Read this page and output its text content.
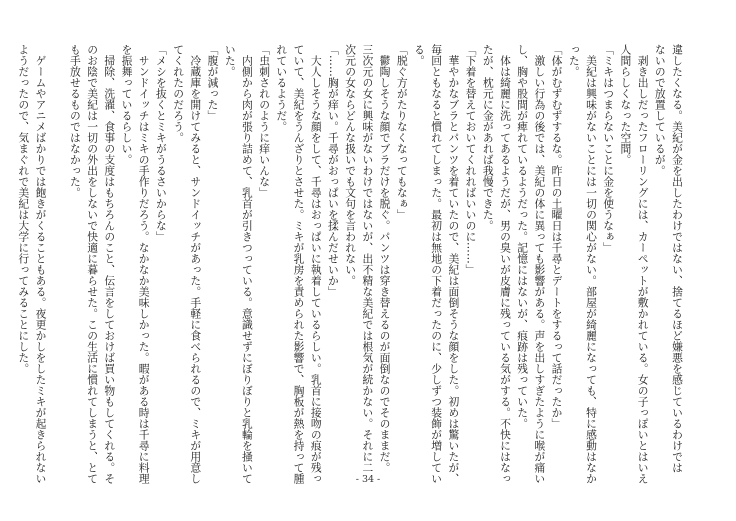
違したくなる。美紀が金を出したわけではない、捨てるほど嫌悪を感じているわけでは

ないので放置しているが。

　剥き出しだったフローリングには、カーペットが敷かれている。女の子っぽいとはいえ

人間らしくなった空間。

「ミキはつまらないことに金を使うなぁ」

　美紀は興味がないことには一切の関心がない。部屋が綺麗になっても、特に感動はなか

った。

「体がむずむずするな。昨日の土曜日は千尋とデートをするって話だったか」

　激しい行為の後では、美紀の体に異っても影響がある。声を出しすぎたように喉が痛い

し、胸や股間が痺れているようだった。記憶にはないが、痕跡は残っていた。

　体は綺麗に洗ってあるようだが、男の臭いが皮膚に残っている気がする。不快にはなっ

たが、枕元に金があれば我慢できた。

「下着を替えておいてくれればいいのに……」

　華やかなブラとパンツを着ていたので、美紀は面倒そうな顔をした。初めは驚いたが、

毎回ともなると慣れてしまった。最初は無地の下着だったのに、少しずつ装飾が増してい

る。

「脱ぐ方がたりなくなってもなぁ」

　鬱陶しそうな顔でブラだけを脱ぐ。パンツは穿き替えるのが面倒なのでそのままだ。

三次元の女に興味がないわけではないが、出不精な美紀では根気が続かない。それに二

次元の女ならどんな扱いでも文句を言われない。

「……胸が痒い。千尋がおっぱいを揉んだせいか」

　大人しそうな顔をして、千尋はおっぱいに執着しているらしい。乳首に接吻の痕が残っ

ていて、美紀をうんざりとさせた。ミキが乳房を責められた影響で、胸板が熱を持って腫

れているようだ。

「虫刺されのように痒いんな」

　内側から肉が張り詰めて、乳首が引きつっている。意識せずにぼりぼりと乳輪を掻いて

いた。

「腹が減った」

　冷蔵庫を開けてみると、サンドイッチがあった。手軽に食べられるので、ミキが用意し

てくれたのだろう。

「メシを抜くとミキがうるさいからな」

　サンドイッチはミキの手作りだろう。なかなか美味しかった。暇がある時は千尋に料理

を振舞っているらしい。

　掃除、洗濯、食事の支度はもちろんのこと、伝言をしておけば買い物もしてくれる。そ

のお陰で美紀は一切の外出をしないで快適に暮らせた。この生活に慣れてしまうと、とて

も手放せるものではなかった。

　ゲームやアニメばかりでは飽きがくることもある。夜更かしをしたミキが起きられない

ようだったので、気まぐれで美紀は大学に行ってみることにした。

- 34 -
